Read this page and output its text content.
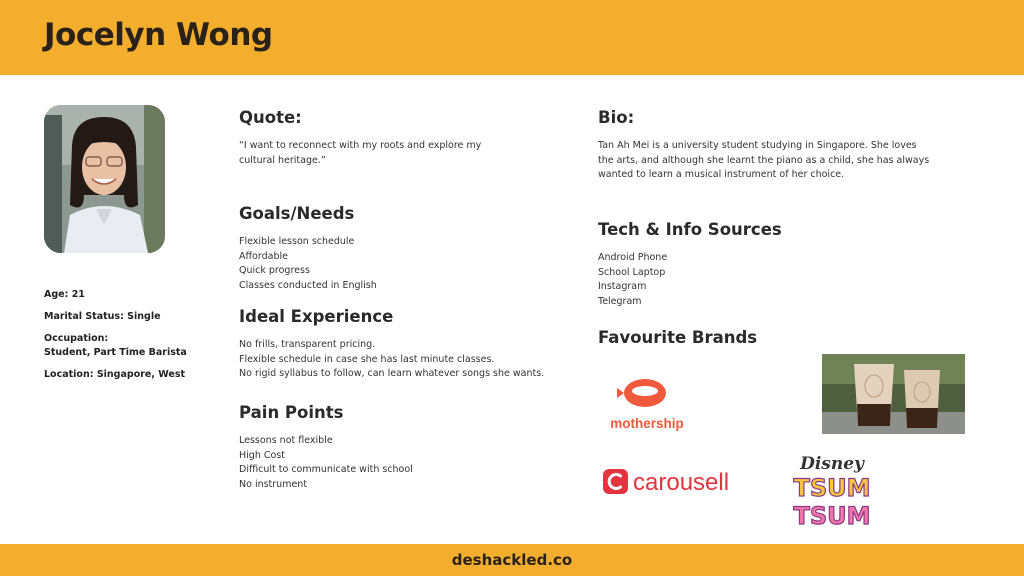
Jocelyn Wong
Age: 21
Marital Status: Single
Occupation:
Student, Part Time Barista
Location: Singapore, West
Quote:
“I want to reconnect with my roots and explore my
cultural heritage.”
Goals/Needs
Flexible lesson schedule
Affordable
Quick progress
Classes conducted in English
Ideal Experience
No frills, transparent pricing.
Flexible schedule in case she has last minute classes.
No rigid syllabus to follow, can learn whatever songs she wants.
Pain Points
Lessons not flexible
High Cost
Difficult to communicate with school
No instrument
Bio:
Tan Ah Mei is a university student studying in Singapore. She loves
the arts, and although she learnt the piano as a child, she has always
wanted to learn a musical instrument of her choice.
Tech & Info Sources
Android Phone
School Laptop
Instagram
Telegram
Favourite Brands
mothership
carousell
Disney
TSUM
TSUM
deshackled.co
